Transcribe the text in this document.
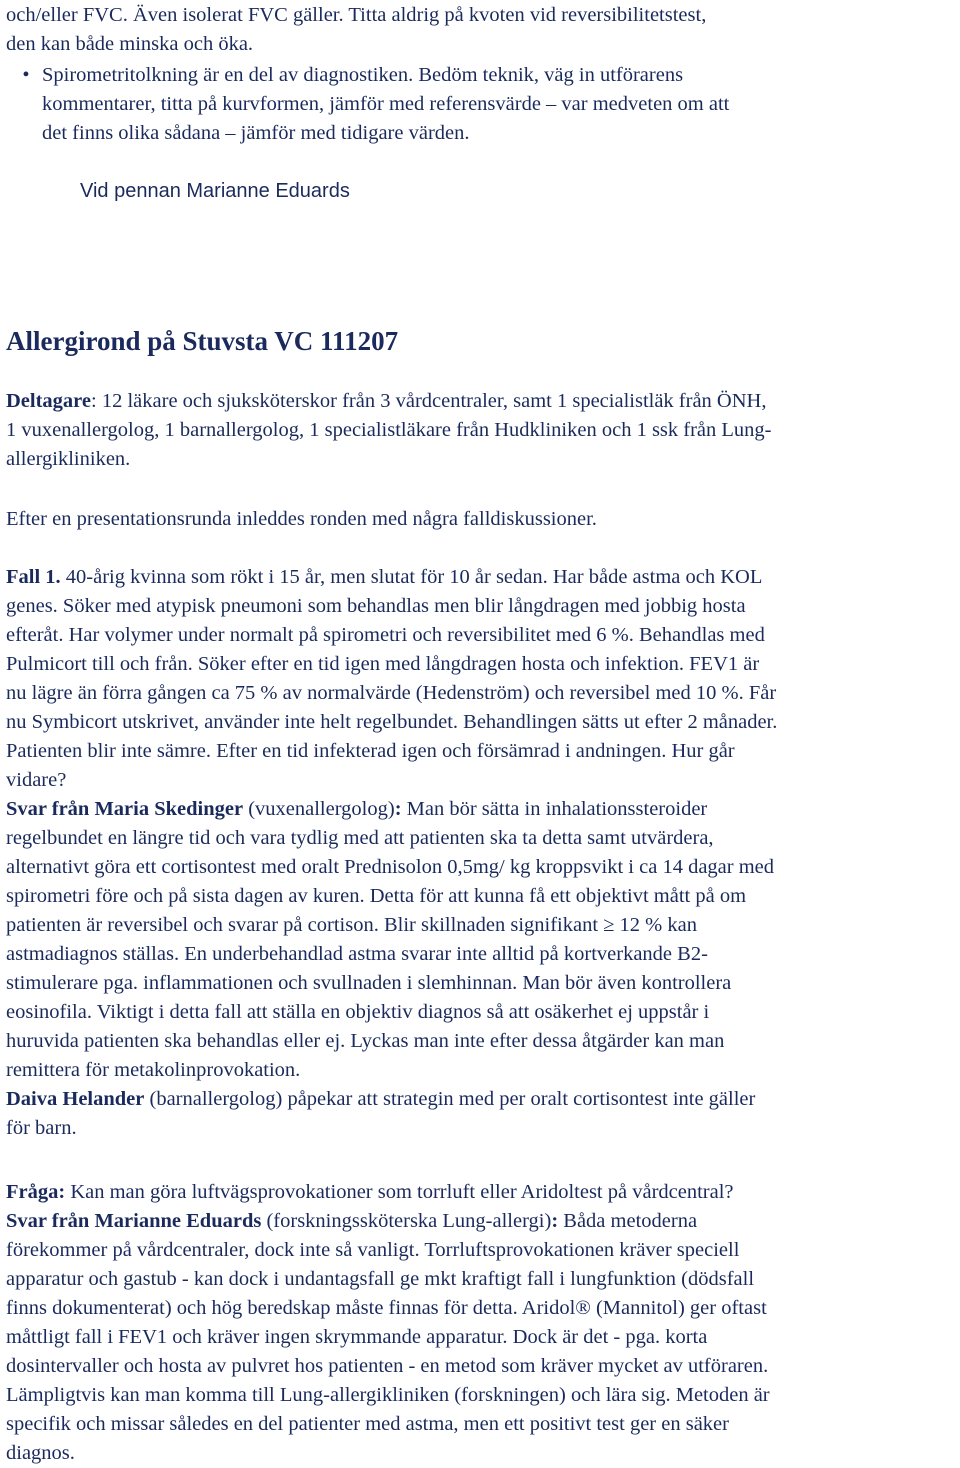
och/eller FVC. Även isolerat FVC gäller. Titta aldrig på kvoten vid reversibilitetstest,

den kan både minska och öka.

• Spirometritolkning är en del av diagnostiken. Bedöm teknik, väg in utförarens

kommentarer, titta på kurvformen, jämför med referensvärde – var medveten om att

det finns olika sådana – jämför med tidigare värden.

Vid pennan Marianne Eduards
Allergirond på Stuvsta VC 111207

Deltagare: 12 läkare och sjuksköterskor från 3 vårdcentraler, samt 1 specialistläk från ÖNH,

1 vuxenallergolog, 1 barnallergolog, 1 specialistläkare från Hudkliniken och 1 ssk från Lung-

allergikliniken.

Efter en presentationsrunda inleddes ronden med några falldiskussioner.

Fall 1. 40-årig kvinna som rökt i 15 år, men slutat för 10 år sedan. Har både astma och KOL

genes. Söker med atypisk pneumoni som behandlas men blir långdragen med jobbig hosta

efteråt. Har volymer under normalt på spirometri och reversibilitet med 6 %. Behandlas med

Pulmicort till och från. Söker efter en tid igen med långdragen hosta och infektion. FEV1 är

nu lägre än förra gången ca 75 % av normalvärde (Hedenström) och reversibel med 10 %. Får

nu Symbicort utskrivet, använder inte helt regelbundet. Behandlingen sätts ut efter 2 månader.

Patienten blir inte sämre. Efter en tid infekterad igen och försämrad i andningen. Hur går

vidare?

Svar från Maria Skedinger (vuxenallergolog): Man bör sätta in inhalationssteroider

regelbundet en längre tid och vara tydlig med att patienten ska ta detta samt utvärdera,

alternativt göra ett cortisontest med oralt Prednisolon 0,5mg/ kg kroppsvikt i ca 14 dagar med

spirometri före och på sista dagen av kuren. Detta för att kunna få ett objektivt mått på om

patienten är reversibel och svarar på cortison. Blir skillnaden signifikant ≥ 12 % kan

astmadiagnos ställas. En underbehandlad astma svarar inte alltid på kortverkande B2-

stimulerare pga. inflammationen och svullnaden i slemhinnan. Man bör även kontrollera

eosinofila. Viktigt i detta fall att ställa en objektiv diagnos så att osäkerhet ej uppstår i

huruvida patienten ska behandlas eller ej. Lyckas man inte efter dessa åtgärder kan man

remittera för metakolinprovokation.

Daiva Helander (barnallergolog) påpekar att strategin med per oralt cortisontest inte gäller

för barn.

Fråga: Kan man göra luftvägsprovokationer som torrluft eller Aridoltest på vårdcentral?

Svar från Marianne Eduards (forskningssköterska Lung-allergi): Båda metoderna

förekommer på vårdcentraler, dock inte så vanligt. Torrluftsprovokationen kräver speciell

apparatur och gastub - kan dock i undantagsfall ge mkt kraftigt fall i lungfunktion (dödsfall

finns dokumenterat) och hög beredskap måste finnas för detta. Aridol® (Mannitol) ger oftast

måttligt fall i FEV1 och kräver ingen skrymmande apparatur. Dock är det - pga. korta

dosintervaller och hosta av pulvret hos patienten - en metod som kräver mycket av utföraren.

Lämpligtvis kan man komma till Lung-allergikliniken (forskningen) och lära sig. Metoden är

specifik och missar således en del patienter med astma, men ett positivt test ger en säker

diagnos.
